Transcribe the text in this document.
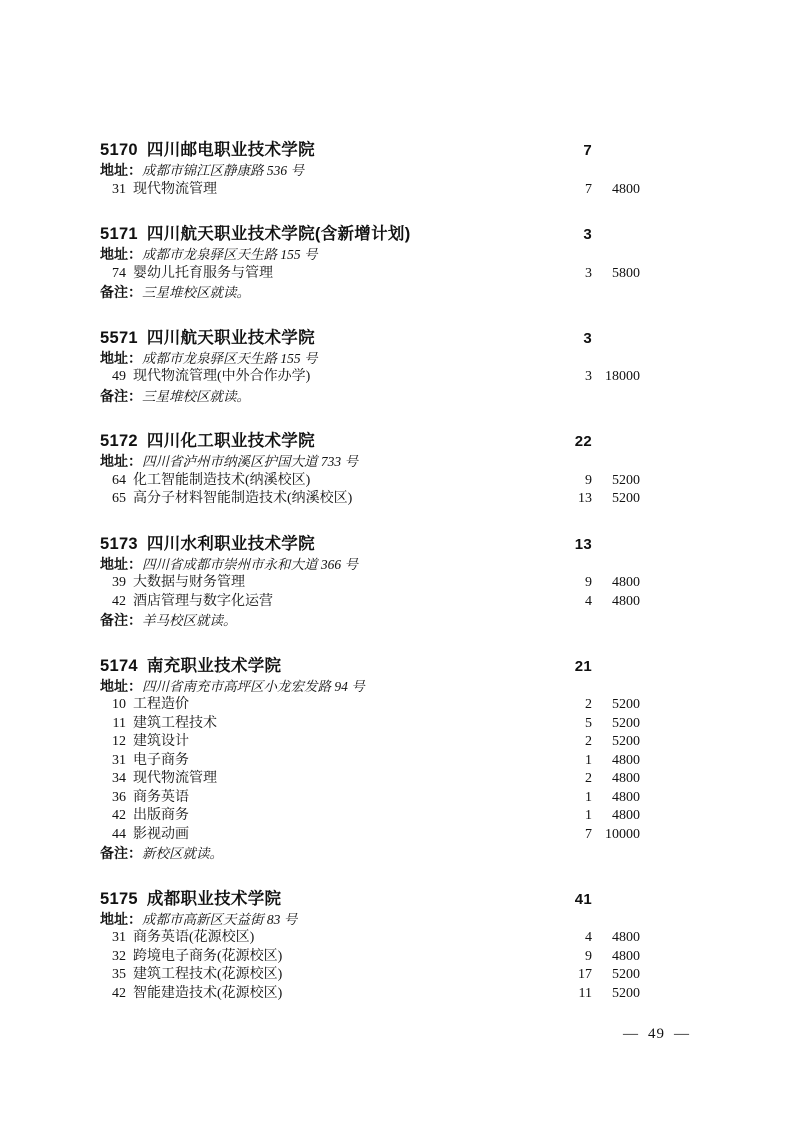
5170 四川邮电职业技术学院	7
地址：成都市锦江区静康路 536 号
31 现代物流管理	7	4800
5171 四川航天职业技术学院(含新增计划)	3
地址：成都市龙泉驿区天生路 155 号
74 婴幼儿托育服务与管理	3	5800
备注：三星堆校区就读。
5571 四川航天职业技术学院	3
地址：成都市龙泉驿区天生路 155 号
49 现代物流管理(中外合作办学)	3 18000
备注：三星堆校区就读。
5172 四川化工职业技术学院	22
地址：四川省泸州市纳溪区护国大道 733 号
64 化工智能制造技术(纳溪校区)	9	5200
65 高分子材料智能制造技术(纳溪校区)	13	5200
5173 四川水利职业技术学院	13
地址：四川省成都市崇州市永和大道 366 号
39 大数据与财务管理	9	4800
42 酒店管理与数字化运营	4	4800
备注：羊马校区就读。
5174 南充职业技术学院	21
地址：四川省南充市高坪区小龙宏发路 94 号
10 工程造价	2	5200
11 建筑工程技术	5	5200
12 建筑设计	2	5200
31 电子商务	1	4800
34 现代物流管理	2	4800
36 商务英语	1	4800
42 出版商务	1	4800
44 影视动画	7 10000
备注：新校区就读。
5175 成都职业技术学院	41
地址：成都市高新区天益街 83 号
31 商务英语(花源校区)	4	4800
32 跨境电子商务(花源校区)	9	4800
35 建筑工程技术(花源校区)	17	5200
42 智能建造技术(花源校区)	11	5200
— 49 —
